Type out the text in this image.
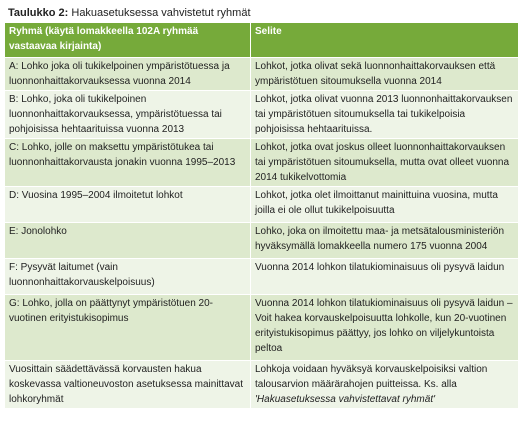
Taulukko 2: Hakuasetuksessa vahvistetut ryhmät
Ryhmä (käytä lomakkeella 102A ryhmää vastaavaa kirjainta)	Selite
A: Lohko joka oli tukikelpoinen ympäristötuessa ja luonnonhaittakorvauksessa vuonna 2014	Lohkot, jotka olivat sekä luonnonhaittakorvauksen että ympäristötuen sitoumuksella vuonna 2014
B: Lohko, joka oli tukikelpoinen luonnonhaittakorvauksessa, ympäristötuessa tai pohjoisissa hehtaarituissa vuonna 2013	Lohkot, jotka olivat vuonna 2013 luonnonhaittakorvauksen tai ympäristötuen sitoumuksella tai tukikelpoisia pohjoisissa hehtaarituissa.
C: Lohko, jolle on maksettu ympäristötukea tai luonnonhaittakorvausta jonakin vuonna 1995–2013	Lohkot, jotka ovat joskus olleet luonnonhaittakorvauksen tai ympäristötuen sitoumuksella, mutta ovat olleet vuonna 2014 tukikelvottomia
D: Vuosina 1995–2004 ilmoitetut lohkot	Lohkot, jotka olet ilmoittanut mainittuina vuosina, mutta joilla ei ole ollut tukikelpoisuutta
E: Jonolohko	Lohko, joka on ilmoitettu maa- ja metsätalousministeriön hyväksymällä lomakkeella numero 175 vuonna 2004
F: Pysyvät laitumet (vain luonnonhaittakorvauskelpoisuus)	Vuonna 2014 lohkon tilatukiominaisuus oli pysyvä laidun
G: Lohko, jolla on päättynyt ympäristötuen 20-vuotinen erityistukisopimus	Vuonna 2014 lohkon tilatukiominaisuus oli pysyvä laidun – Voit hakea korvauskelpoisuutta lohkolle, kun 20-vuotinen erityistukisopimus päättyy, jos lohko on viljelykuntoista peltoa
Vuosittain säädettävässä korvausten hakua koskevassa valtioneuvoston asetuksessa mainittavat lohkoryhmät	Lohkoja voidaan hyväksyä korvauskelpoisiksi valtion talousarvion määrärahojen puitteissa. Ks. alla 'Hakuasetuksessa vahvistettavat ryhmät'
